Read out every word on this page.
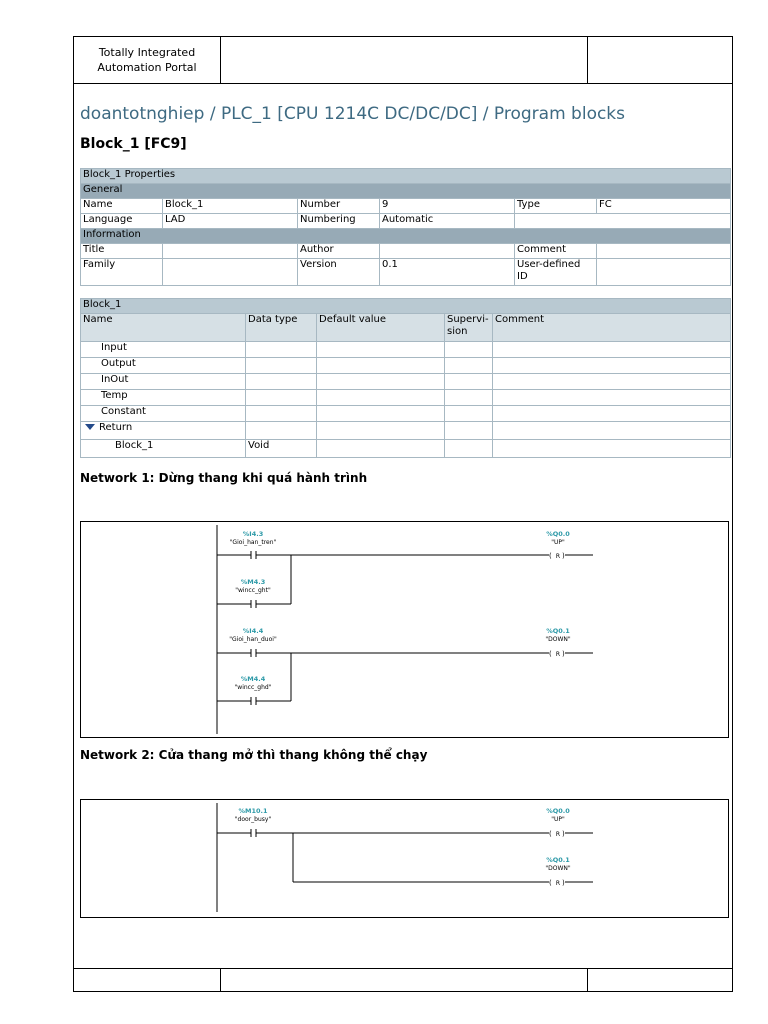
Totally Integrated
Automation Portal
doantotnghiep / PLC_1 [CPU 1214C DC/DC/DC] / Program blocks
Block_1 [FC9]
Block_1 Properties					
General					
Name	Block_1	Number	9	Type	FC
Language	LAD	Numbering	Automatic		
Information					
Title		Author		Comment	
Family		Version	0.1	User-defined ID	
Block_1				
Name	Data type	Default value	Supervi-sion	Comment
Input				
Output				
InOut				
Temp				
Constant				
Return				
Block_1	Void			
Network 1: Dừng thang khi quá hành trình
( )
( )
%I4.3
"Gioi_han_tren"
%M4.3
"wincc_ght"
%I4.4
"Gioi_han_duoi"
%M4.4
"wincc_ghd"
%Q0.0
"UP"
R
%Q0.1
"DOWN"
R
Network 2: Cửa thang mở thì thang không thể chạy
( )
( )
%M10.1
"door_busy"
%Q0.0
"UP"
R
%Q0.1
"DOWN"
R
